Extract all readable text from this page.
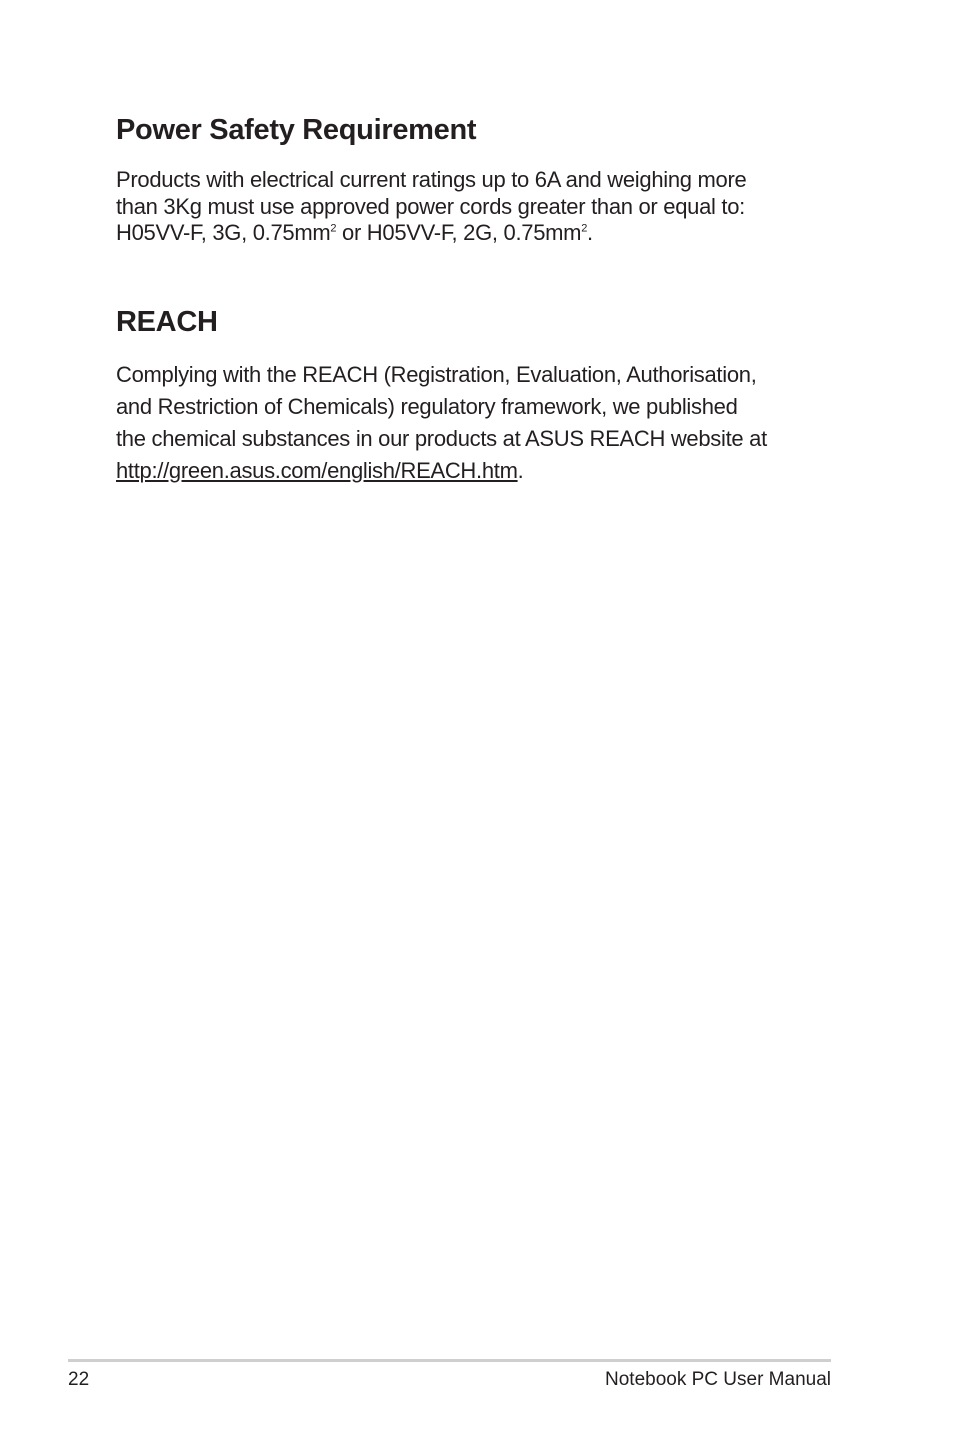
Power Safety Requirement

Products with electrical current ratings up to 6A and weighing more
than 3Kg must use approved power cords greater than or equal to:
H05VV-F, 3G, $0.75mm^2$ or H05VV-F, 2G, $0.75mm^2$.

REACH

Complying with the REACH (Registration, Evaluation, Authorisation,
and Restriction of Chemicals) regulatory framework, we published
the chemical substances in our products at ASUS REACH website at
http://green.asus.com/english/REACH.htm.

22	Notebook PC User Manual
